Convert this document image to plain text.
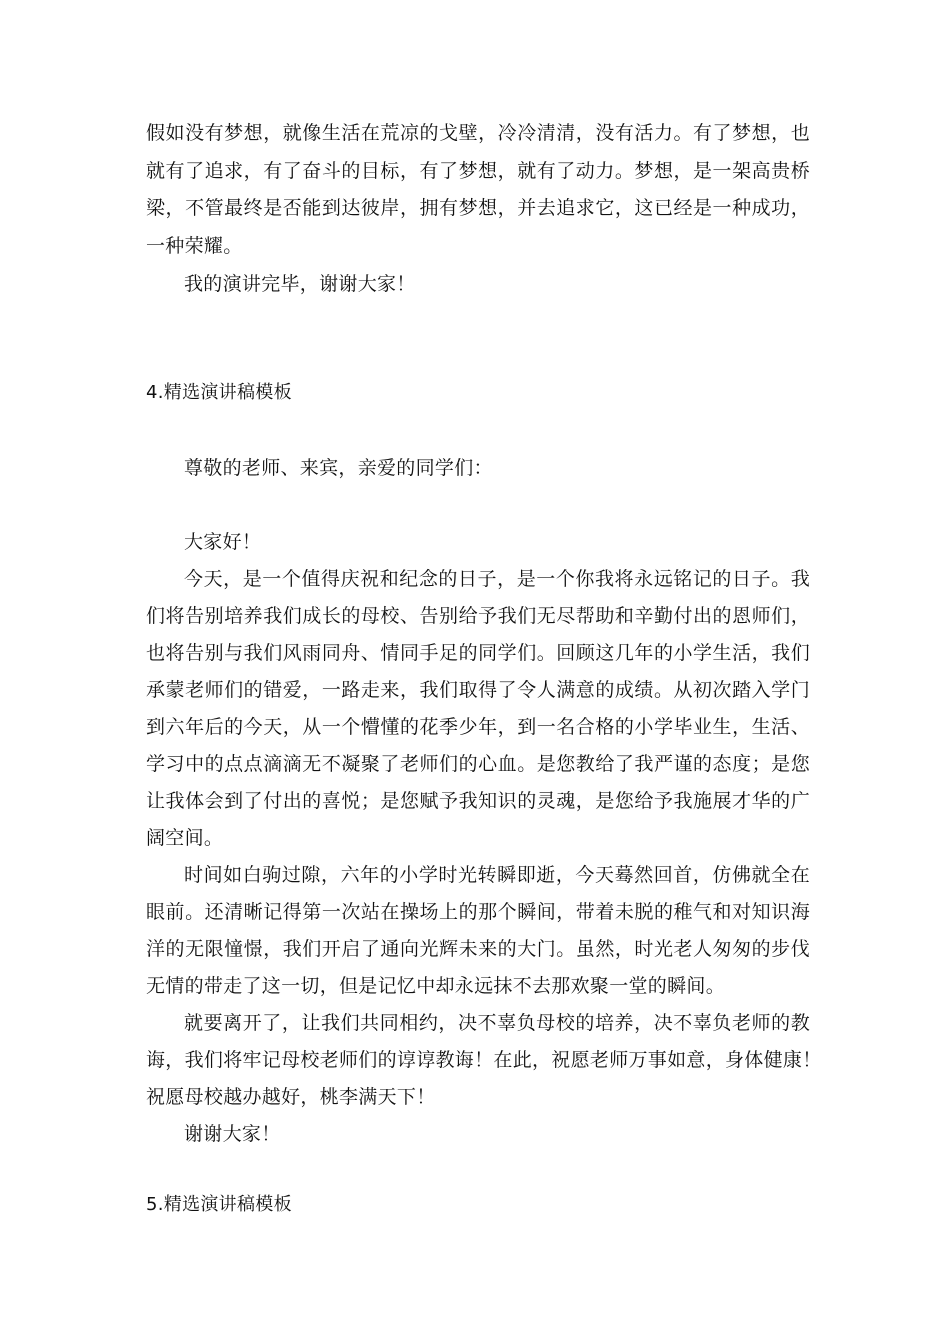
假如没有梦想，就像生活在荒凉的戈壁，冷冷清清，没有活力。有了梦想，也
就有了追求，有了奋斗的目标，有了梦想，就有了动力。梦想，是一架高贵桥
梁，不管最终是否能到达彼岸，拥有梦想，并去追求它，这已经是一种成功，
一种荣耀。
我的演讲完毕，谢谢大家！
4.精选演讲稿模板
尊敬的老师、来宾，亲爱的同学们：
大家好！
今天，是一个值得庆祝和纪念的日子，是一个你我将永远铭记的日子。我
们将告别培养我们成长的母校、告别给予我们无尽帮助和辛勤付出的恩师们，
也将告别与我们风雨同舟、情同手足的同学们。回顾这几年的小学生活，我们
承蒙老师们的错爱，一路走来，我们取得了令人满意的成绩。从初次踏入学门
到六年后的今天，从一个懵懂的花季少年，到一名合格的小学毕业生，生活、
学习中的点点滴滴无不凝聚了老师们的心血。是您教给了我严谨的态度；是您
让我体会到了付出的喜悦；是您赋予我知识的灵魂，是您给予我施展才华的广
阔空间。
时间如白驹过隙，六年的小学时光转瞬即逝，今天蓦然回首，仿佛就全在
眼前。还清晰记得第一次站在操场上的那个瞬间，带着未脱的稚气和对知识海
洋的无限憧憬，我们开启了通向光辉未来的大门。虽然，时光老人匆匆的步伐
无情的带走了这一切，但是记忆中却永远抹不去那欢聚一堂的瞬间。
就要离开了，让我们共同相约，决不辜负母校的培养，决不辜负老师的教
诲，我们将牢记母校老师们的谆谆教诲！在此，祝愿老师万事如意，身体健康！
祝愿母校越办越好，桃李满天下！
谢谢大家！
5.精选演讲稿模板
